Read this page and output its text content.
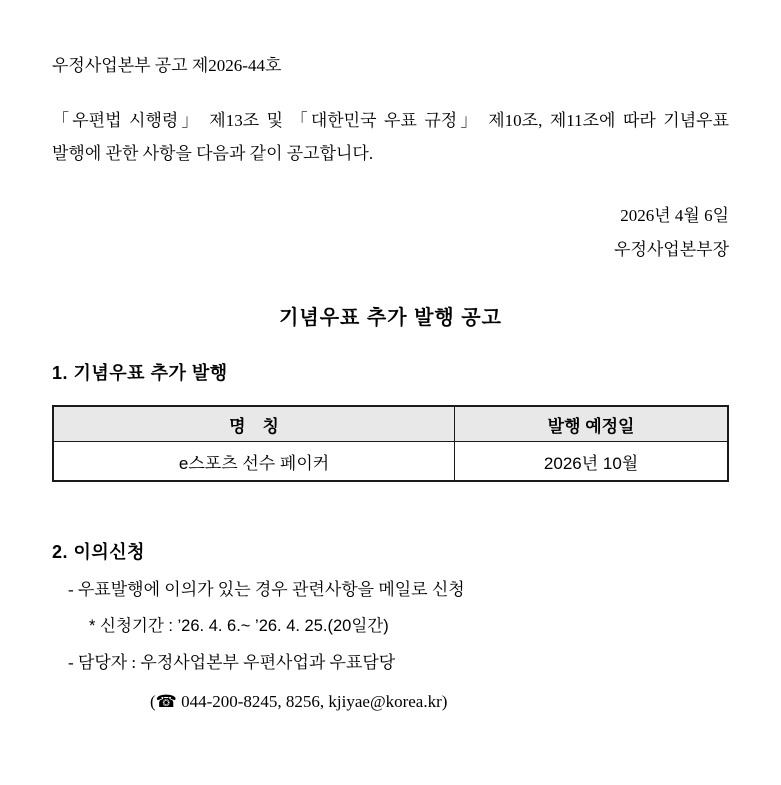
우정사업본부 공고 제2026-44호

「우편법 시행령」 제13조 및 「대한민국 우표 규정」 제10조, 제11조에 따라 기념우표 발행에 관한 사항을 다음과 같이 공고합니다.

2026년 4월 6일
우정사업본부장
기념우표 추가 발행 공고
1. 기념우표 추가 발행
명　칭	발행 예정일
e스포츠 선수 페이커	2026년 10월
2. 이의신청
- 우표발행에 이의가 있는 경우 관련사항을 메일로 신청
* 신청기간 : ’26. 4. 6.~ ’26. 4. 25.(20일간)
- 담당자 : 우정사업본부 우편사업과 우표담당
(☎ 044-200-8245, 8256, kjiyae@korea.kr)
